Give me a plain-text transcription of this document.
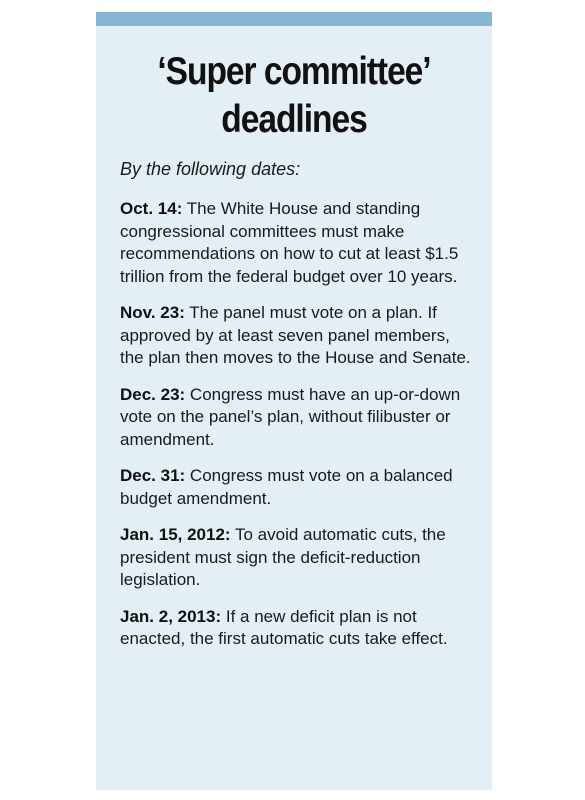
‘Super committee’
deadlines

By the following dates:

Oct. 14: The White House and standing congressional committees must make recommendations on how to cut at least $1.5 trillion from the federal budget over 10 years.
Nov. 23: The panel must vote on a plan. If approved by at least seven panel members, the plan then moves to the House and Senate.
Dec. 23: Congress must have an up-or-down vote on the panel’s plan, without filibuster or amendment.
Dec. 31: Congress must vote on a balanced budget amendment.
Jan. 15, 2012: To avoid automatic cuts, the president must sign the deficit-reduction legislation.
Jan. 2, 2013: If a new deficit plan is not enacted, the first automatic cuts take effect.
